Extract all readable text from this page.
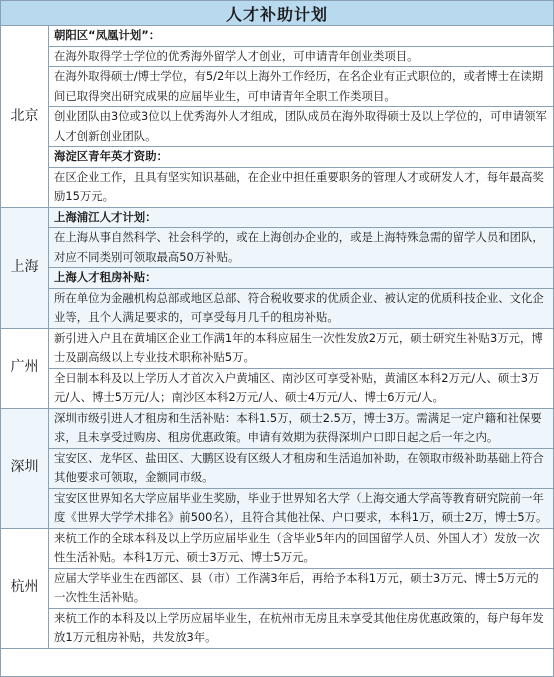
人才补助计划
北京	朝阳区“凤凰计划”：
	在海外取得学士学位的优秀海外留学人才创业，可申请青年创业类项目。
	在海外取得硕士/博士学位，有5/2年以上海外工作经历，在名企业有正式职位的，或者博士在读期间已取得突出研究成果的应届毕业生，可申请青年全职工作类项目。
	创业团队由3位或3位以上优秀海外人才组成，团队成员在海外取得硕士及以上学位的，可申请领军人才创新创业团队。
	海淀区青年英才资助：
	在区企业工作，且具有坚实知识基础，在企业中担任重要职务的管理人才或研发人才，每年最高奖励15万元。
上海	上海浦江人才计划：
	在上海从事自然科学、社会科学的，或在上海创办企业的，或是上海特殊急需的留学人员和团队，对应不同类别可领取最高50万补贴。
	上海人才租房补贴：
	所在单位为金融机构总部或地区总部、符合税收要求的优质企业、被认定的优质科技企业、文化企业等，且个人满足要求的，可享受每月几千的租房补贴。
广州	新引进入户且在黄埔区企业工作满1年的本科应届生一次性发放2万元，硕士研究生补贴3万元，博士及副高级以上专业技术职称补贴5万。
	全日制本科及以上学历人才首次入户黄埔区、南沙区可享受补贴，黄浦区本科2万元/人、硕士3万元/人、博士5万元/人；南沙区本科2万元/人、硕士4万元/人、博士6万元/人。
深圳	深圳市级引进人才租房和生活补贴：本科1.5万，硕士2.5万，博士3万。需满足一定户籍和社保要求，且未享受过购房、租房优惠政策。申请有效期为获得深圳户口即日起之后一年之内。
	宝安区、龙华区、盐田区、大鹏区设有区级人才租房和生活追加补助，在领取市级补助基础上符合其他要求可领取，金额同市级。
	宝安区世界知名大学应届毕业生奖励，毕业于世界知名大学（上海交通大学高等教育研究院前一年度《世界大学学术排名》前500名），且符合其他社保、户口要求，本科1万，硕士2万，博士5万。
杭州	来杭工作的全球本科及以上学历应届毕业生（含毕业5年内的回国留学人员、外国人才）发放一次性生活补贴。本科1万元、硕士3万元、博士5万元。
	应届大学毕业生在西部区、县（市）工作满3年后，再给予本科1万元，硕士3万元、博士5万元的一次性生活补贴。
	来杭工作的本科及以上学历应届毕业生，在杭州市无房且未享受其他住房优惠政策的，每户每年发放1万元租房补贴，共发放3年。
